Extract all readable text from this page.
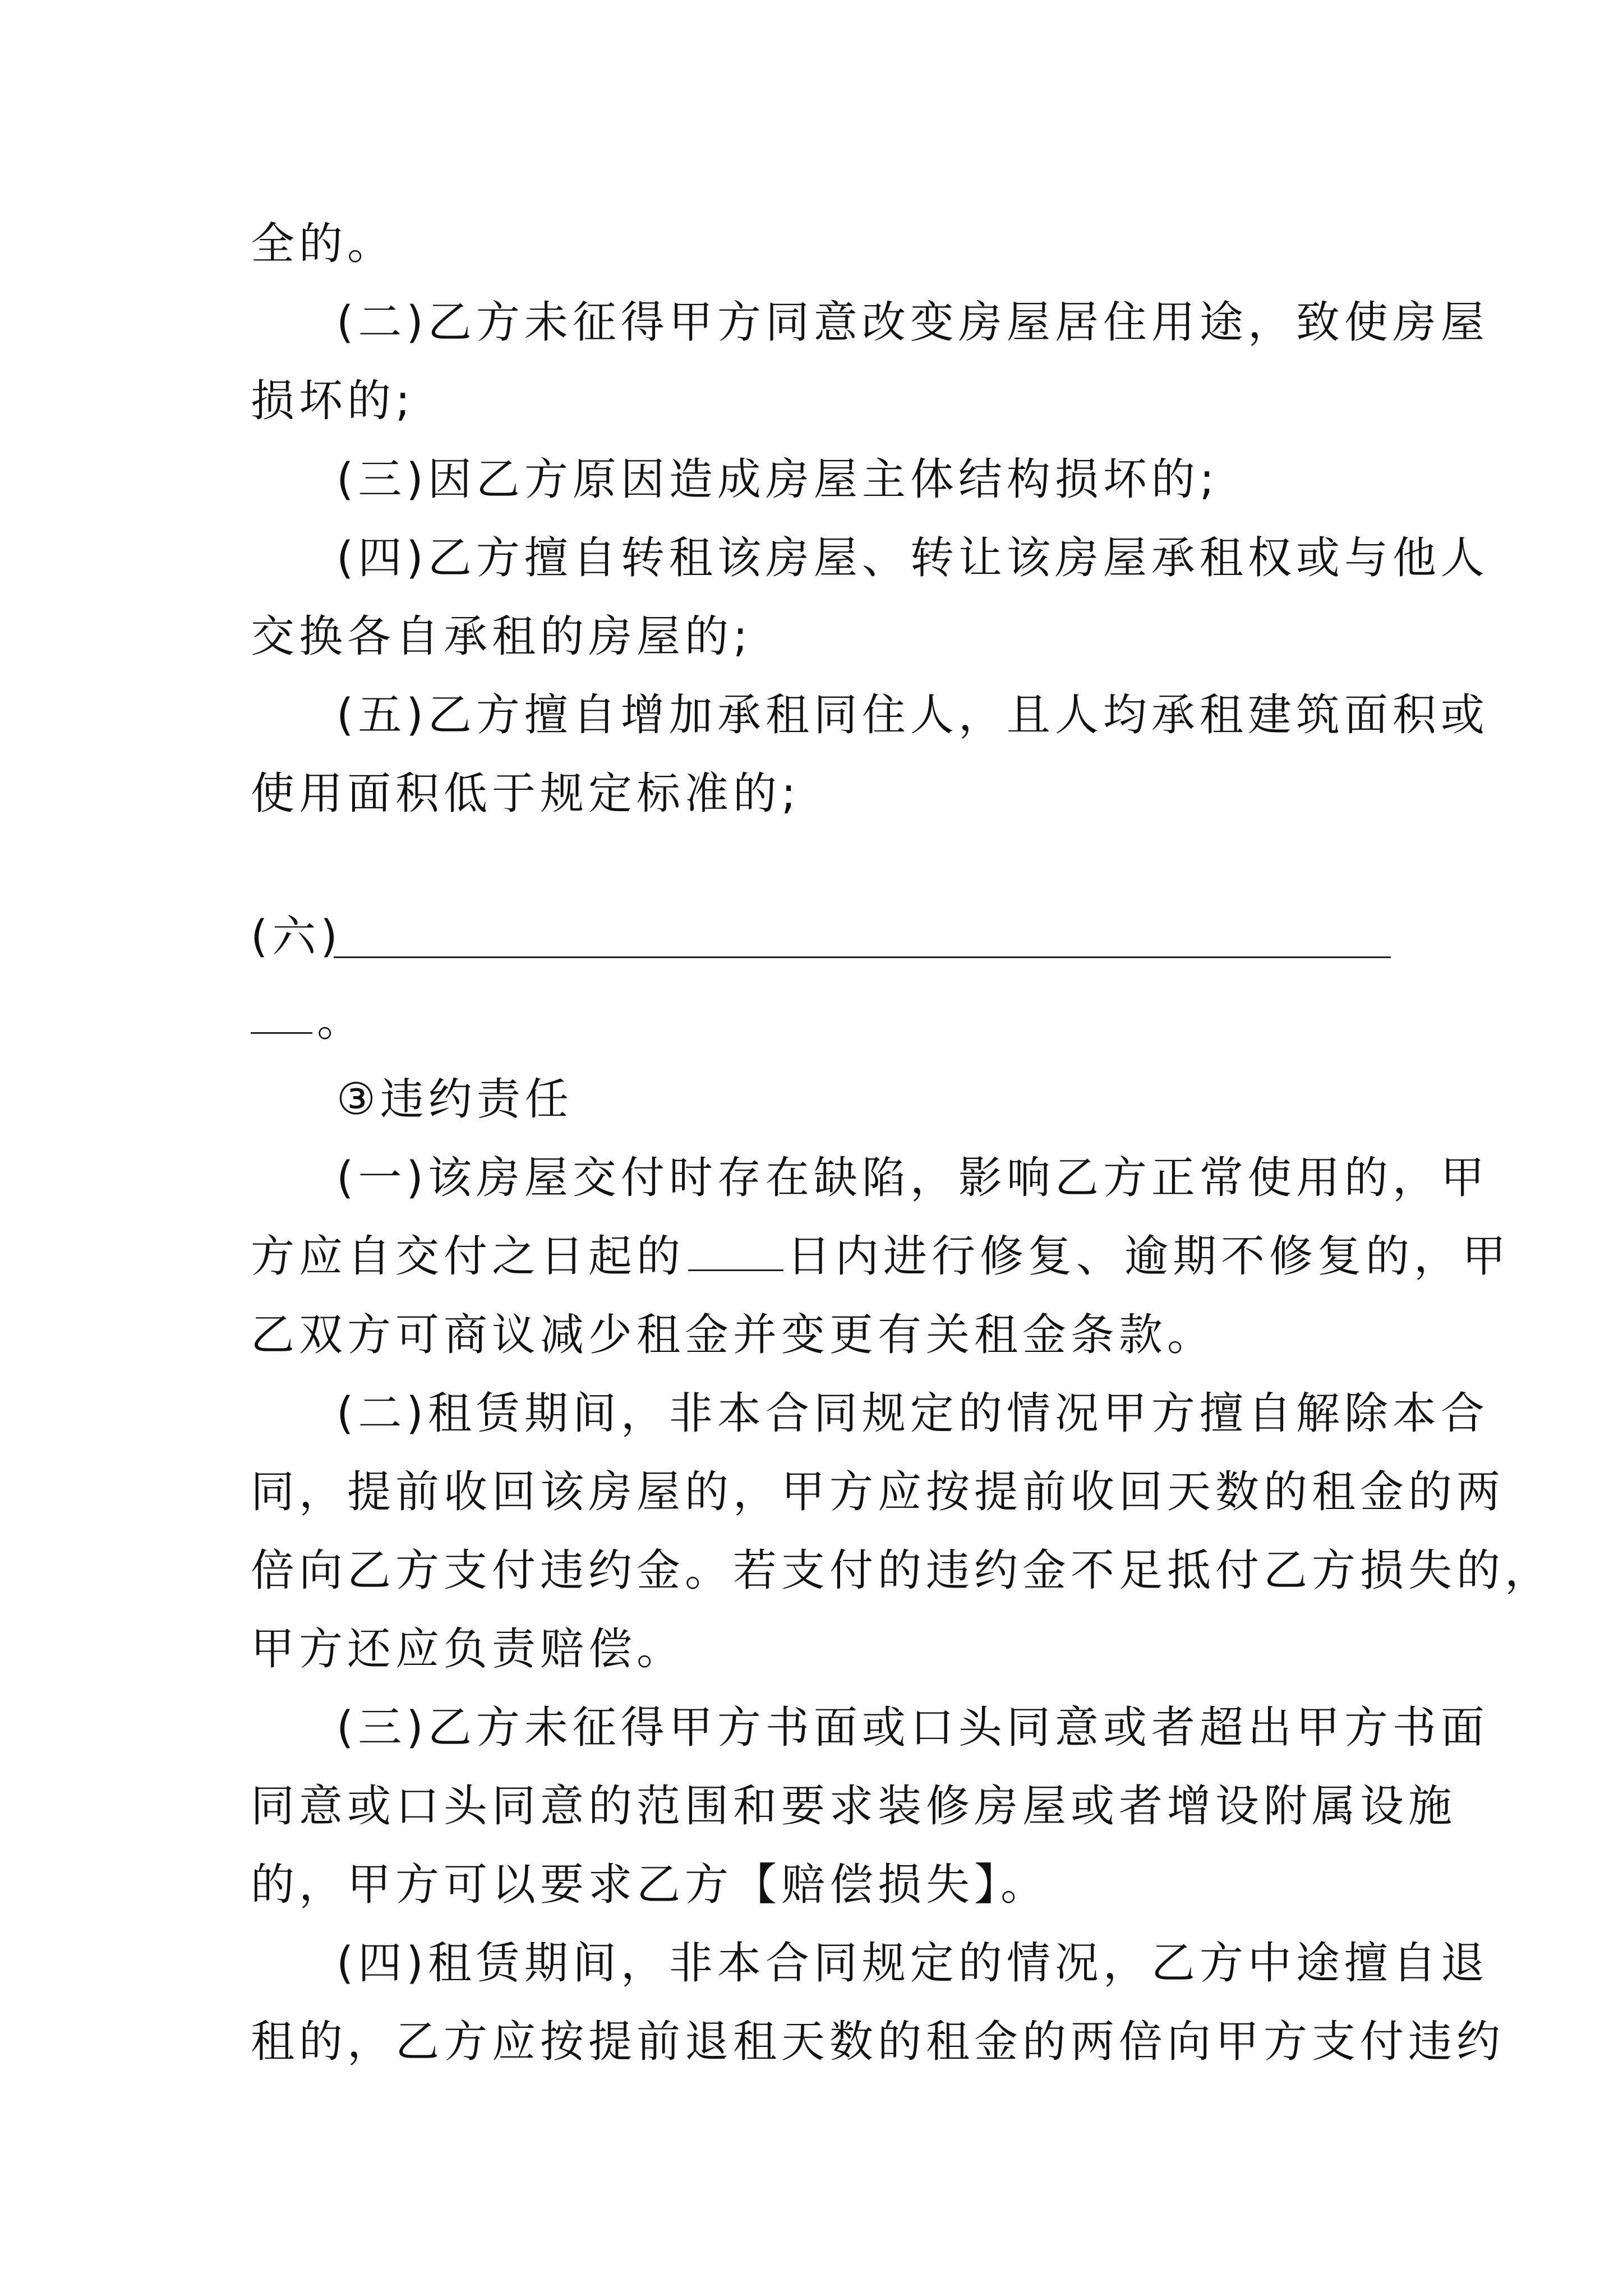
全的。
(二)乙方未征得甲方同意改变房屋居住用途，致使房屋
损坏的;
(三)因乙方原因造成房屋主体结构损坏的;
(四)乙方擅自转租该房屋、转让该房屋承租权或与他人
交换各自承租的房屋的;
(五)乙方擅自增加承租同住人，且人均承租建筑面积或
使用面积低于规定标准的;
(六)
。
③违约责任
(一)该房屋交付时存在缺陷，影响乙方正常使用的，甲
方应自交付之日起的 日内进行修复、逾期不修复的，甲
乙双方可商议减少租金并变更有关租金条款。
(二)租赁期间，非本合同规定的情况甲方擅自解除本合
同，提前收回该房屋的，甲方应按提前收回天数的租金的两
倍向乙方支付违约金。若支付的违约金不足抵付乙方损失的，
甲方还应负责赔偿。
(三)乙方未征得甲方书面或口头同意或者超出甲方书面
同意或口头同意的范围和要求装修房屋或者增设附属设施
的，甲方可以要求乙方【赔偿损失】。
(四)租赁期间，非本合同规定的情况，乙方中途擅自退
租的，乙方应按提前退租天数的租金的两倍向甲方支付违约
